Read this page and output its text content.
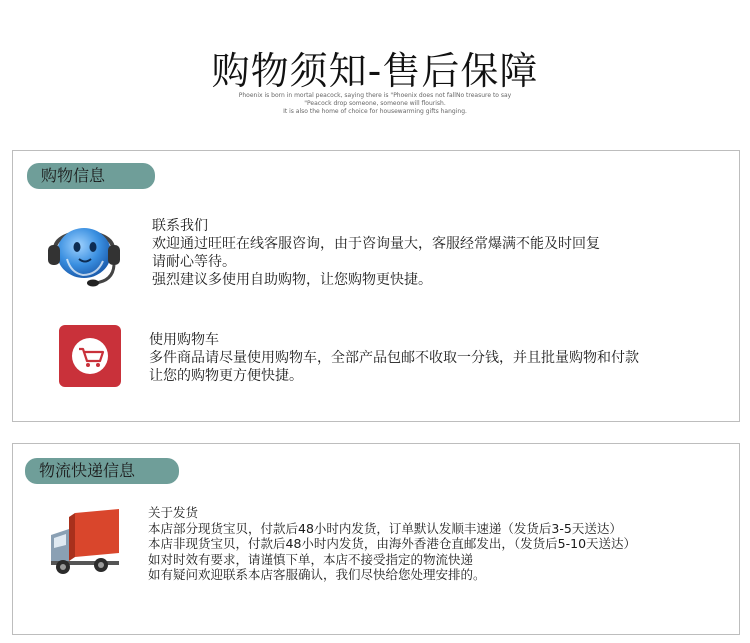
购物须知-售后保障
Phoenix is born in mortal peacock, saying there is "Phoenix does not fallNo treasure to say
"Peacock drop someone, someone will flourish.
It is also the home of choice for housewarming gifts hanging.
购物信息
联系我们
欢迎通过旺旺在线客服咨询，由于咨询量大，客服经常爆满不能及时回复
请耐心等待。
强烈建议多使用自助购物，让您购物更快捷。
使用购物车
多件商品请尽量使用购物车，全部产品包邮不收取一分钱，并且批量购物和付款
让您的购物更方便快捷。
物流快递信息
关于发货
本店部分现货宝贝，付款后48小时内发货，订单默认发顺丰速递（发货后3-5天送达）
本店非现货宝贝，付款后48小时内发货，由海外香港仓直邮发出，（发货后5-10天送达）
如对时效有要求，请谨慎下单，本店不接受指定的物流快递
如有疑问欢迎联系本店客服确认，我们尽快给您处理安排的。
